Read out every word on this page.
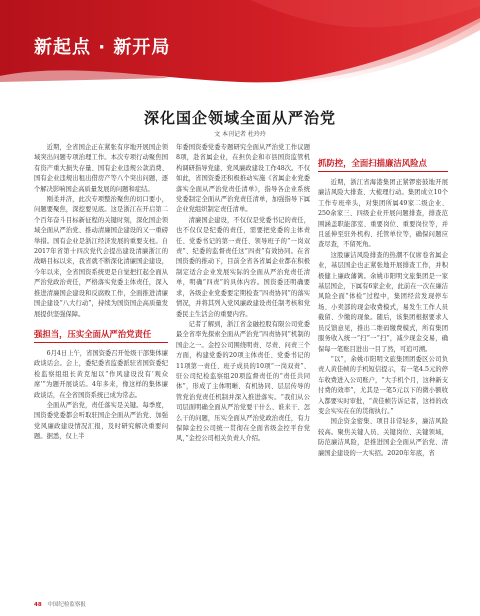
新起点 · 新开局
深化国企领域全面从严治党
文 本刊记者 杜玲玲

近期，全省国企正在紧张有序地开展国企领域突出问题专项治理工作。本次专项行动聚焦国有资产重大损失存量、国有企业违规公款消费、国有企业违规出租出借房产等八个突出问题，逐个解决影响国企高质量发展的问题和症结。

刚柔并济，此次专项整治聚焦的切口要小，问题要聚焦，深挖要见底。这是浙江在开启第二个百年奋斗目标新征程的关键时刻，深化国企领域全面从严治党、推动清廉国企建设的又一重磅举措。国有企业是浙江经济发展的重要支柱。自2017年省第十四次党代会提出建设清廉浙江的战略目标以来，我省就不断深化清廉国企建设，今年以来，全省国资系统更是自觉把扛起全面从严治党政治责任，严格落实党委主体责任，深入推进清廉国企建设和反腐败工作，全面推进清廉国企建设“八大行动”，持续为国资国企高质量发展提供坚强保障。

强担当，压实全面从严治党责任

6月4日上午，省国资委召开处级干部集体廉政谈话会。会上，委纪委省监委派驻省国资委纪检监察组组长黄克旭以“作风建设没有‘观众席’”为题开展谈话。4年多来，像这样的集体廉政谈话，在全省国资系统已成为常态。

全面从严治党，责任落实是关键。每季度，国资委党委都会听取驻国企全面从严治党、加强党风廉政建设情况汇报，及时研究解决重要问题。据悉，仅上半

年委国资委党委专题研究全面从严治党工作议题8项，赴省属企业，在担负企和市县国资监管机构调研指导党建、党风廉政建设工作48次。不仅如此，省国资委还积极推动实施《省属企业党委落实全面从严治党责任清单》，指导各企业系统党委制定全面从严治党责任清单，加强指导下属企业党组织制定责任清单。

清廉国企建设，不仅仅是党委书记的责任，也不仅仅是纪委的责任，需要把党委的主体责任、党委书记的第一责任、领导班子的“一岗双责”、纪委的监督责任这“四责”有效协同。在省国资委的推动下，目前全省各省属企业都在积极制定适合企业发展实际的全面从严治党责任清单，明确“四责”的具体内容。国资委还明确要求，各级企业党委要定期检查“四责协同”的落实情况，并将其列入党风廉政建设责任制考核和党委民主生活会的重要内容。

记者了解到，浙江省金融控股有限公司党委最全省率先探索全面从严治党“四责协同”机制的国企之一。金控公司围绕明责、尽责、问责三个方面，构建党委的20项主体责任、党委书记的11项第一责任、班子成员的10项“一岗双责”、驻公司纪检监察组20项监督责任的“责任共同体”，形成了主体明晰、有机协同、层层传导的管党治党责任机制并深入推进落实。“我们从公司层面明确全面从严治党要干什么、谁来干、怎么干的问题，压实全面从严治党政治责任，有力保障金控公司统一贯彻在全面省级金控平台党风，”金控公司相关负责人介绍。

抓防控，全面扫描廉洁风险点

近期，浙江省海港集团正紧锣密鼓地开展廉洁风险大排查、大梳理行动。集团成立10个工作专班牵头，对集团所属49家二级企业、250余家三、四级企业开展问题排查，排查范围涵盖职能部室、重要岗位、重要岗位等，并且延伸至驻外机构、托管单位等，确保问题应查尽查，不留死角。

这股廉洁风险排查的热潮不仅席卷省属企业，基层国企也正紧张地开展排查工作，并积极健上廉政藩篱。余姚市阳明文旅集团是一家基层国企，下属有6家企业，此前在一次在廉洁风险全面“体检”过程中，集团经营发现停车场、小卖部的现金收费模式，易发生工作人员截留、少缴的现象。随后，该集团根据要求人员反馈意见，推出二维码缴费模式，所有集团服务收入统一“扫”一“扫”，减少现金交易，确保每一笔账目进出一目了然，可追可溯。

“以”，余姚市阳明文旅集团团委区公司负责人黄佳帧的手机短信提示，有一笔4.5元的停车收费进入公司账户，“大手机个月，这种新支付费的效率”，尤其是一笔5元以下的微小额收入都要实时审批，“黄佳帧告诉记者，这样的改变会实实在在的贯彻执行。”

国企资金密集、项目非常轻多，廉洁风险较高。聚焦关键人员、关键岗位、关键领域，防范廉洁风险，是推进国企全面从严治党、清廉国企建设的一大实招。2020年年底，省

48 中国纪检监察报
